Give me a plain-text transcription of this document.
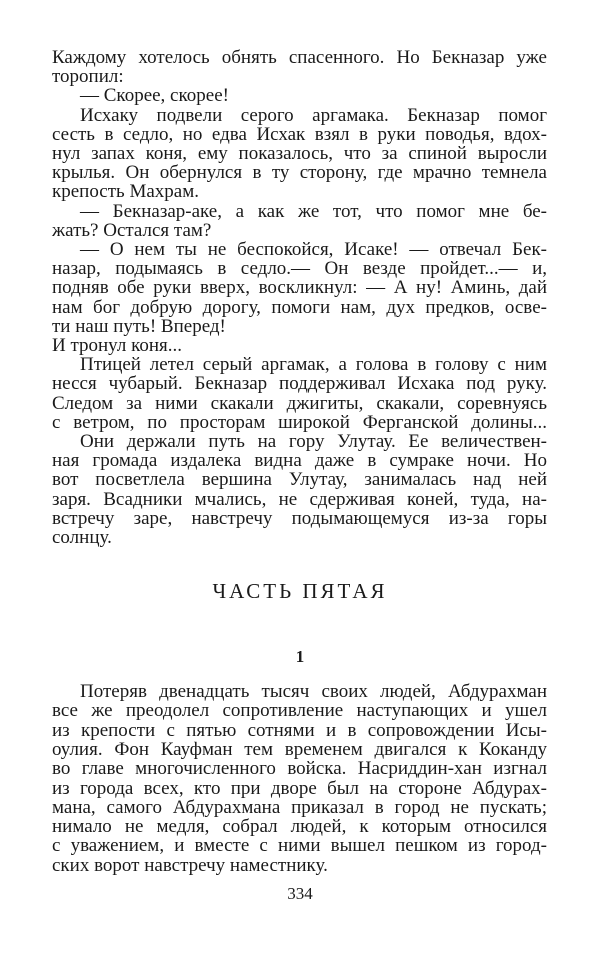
Каждому хотелось обнять спасенного. Но Бекназар уже
торопил:
— Скорее, скорее!
Исхаку подвели серого аргамака. Бекназар помог
сесть в седло, но едва Исхак взял в руки поводья, вдох-
нул запах коня, ему показалось, что за спиной выросли
крылья. Он обернулся в ту сторону, где мрачно темнела
крепость Махрам.
— Бекназар-аке, а как же тот, что помог мне бе-
жать? Остался там?
— О нем ты не беспокойся, Исаке! — отвечал Бек-
назар, подымаясь в седло.— Он везде пройдет...— и,
подняв обе руки вверх, воскликнул: — А ну! Аминь, дай
нам бог добрую дорогу, помоги нам, дух предков, освe-
ти наш путь! Вперед!
И тронул коня...
Птицей летел серый аргамак, а голова в голову с ним
несся чубарый. Бекназар поддерживал Исхака под руку.
Следом за ними скакали джигиты, скакали, соревнуясь
с ветром, по просторам широкой Ферганской долины...
Они держали путь на гору Улутау. Ее величествен-
ная громада издалека видна даже в сумраке ночи. Но
вот посветлела вершина Улутау, занималась над ней
заря. Всадники мчались, не сдерживая коней, туда, на-
встречу заре, навстречу подымающемуся из-за горы
солнцу.
ЧАСТЬ ПЯТАЯ
1
Потеряв двенадцать тысяч своих людей, Абдурахман
все же преодолел сопротивление наступающих и ушел
из крепости с пятью сотнями и в сопровождении Исы-
оулия. Фон Кауфман тем временем двигался к Коканду
во главе многочисленного войска. Насриддин-хан изгнал
из города всех, кто при дворе был на стороне Абдурах-
мана, самого Абдурахмана приказал в город не пускать;
нимало не медля, собрал людей, к которым относился
с уважением, и вместе с ними вышел пешком из город-
ских ворот навстречу наместнику.
334
